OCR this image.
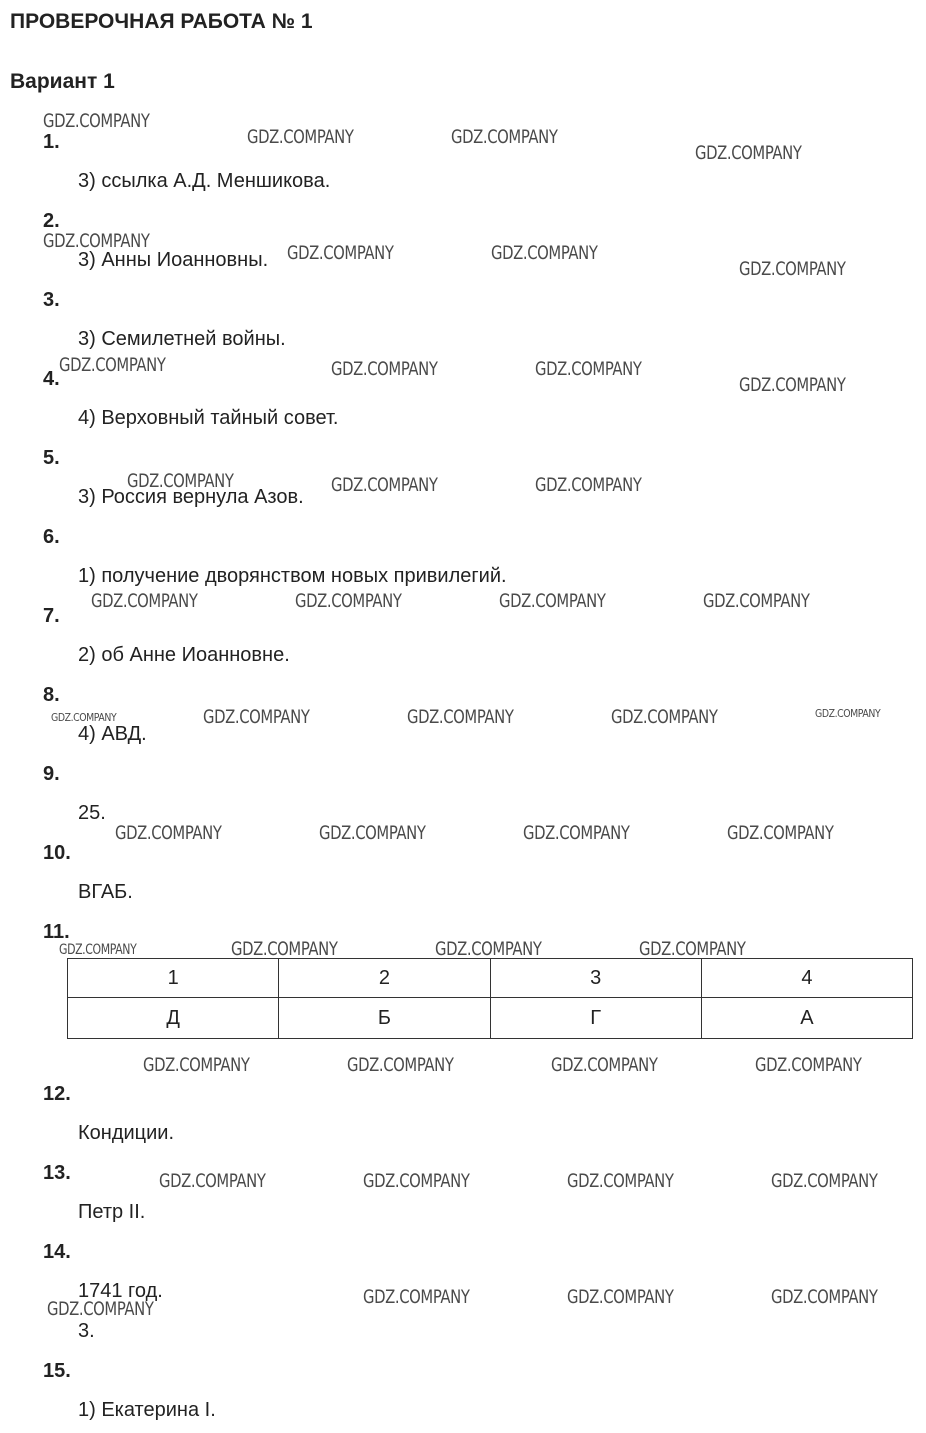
ПРОВЕРОЧНАЯ РАБОТА № 1
Вариант 1
1.
3) ссылка А.Д. Меншикова.
2.
3) Анны Иоанновны.
3.
3) Семилетней войны.
4.
4) Верховный тайный совет.
5.
3) Россия вернула Азов.
6.
1) получение дворянством новых привилегий.
7.
2) об Анне Иоанновне.
8.
4) АВД.
9.
25.
10.
ВГАБ.
11.
12.
Кондиции.
13.
Петр II.
14.
1741 год.
3.
15.
1) Екатерина I.
1	2	3	4
Д	Б	Г	А
GDZ.COMPANY
GDZ.COMPANY	GDZ.COMPANY
GDZ.COMPANY
GDZ.COMPANY
GDZ.COMPANY	GDZ.COMPANY
GDZ.COMPANY
GDZ.COMPANY	GDZ.COMPANY	GDZ.COMPANY
GDZ.COMPANY
GDZ.COMPANY	GDZ.COMPANY	GDZ.COMPANY
GDZ.COMPANY	GDZ.COMPANY	GDZ.COMPANY	GDZ.COMPANY
GDZ.COMPANY	GDZ.COMPANY	GDZ.COMPANY	GDZ.COMPANY	GDZ.COMPANY
GDZ.COMPANY	GDZ.COMPANY	GDZ.COMPANY	GDZ.COMPANY
GDZ.COMPANY	GDZ.COMPANY	GDZ.COMPANY	GDZ.COMPANY
GDZ.COMPANY	GDZ.COMPANY	GDZ.COMPANY	GDZ.COMPANY
GDZ.COMPANY	GDZ.COMPANY	GDZ.COMPANY	GDZ.COMPANY
GDZ.COMPANY
GDZ.COMPANY	GDZ.COMPANY	GDZ.COMPANY
